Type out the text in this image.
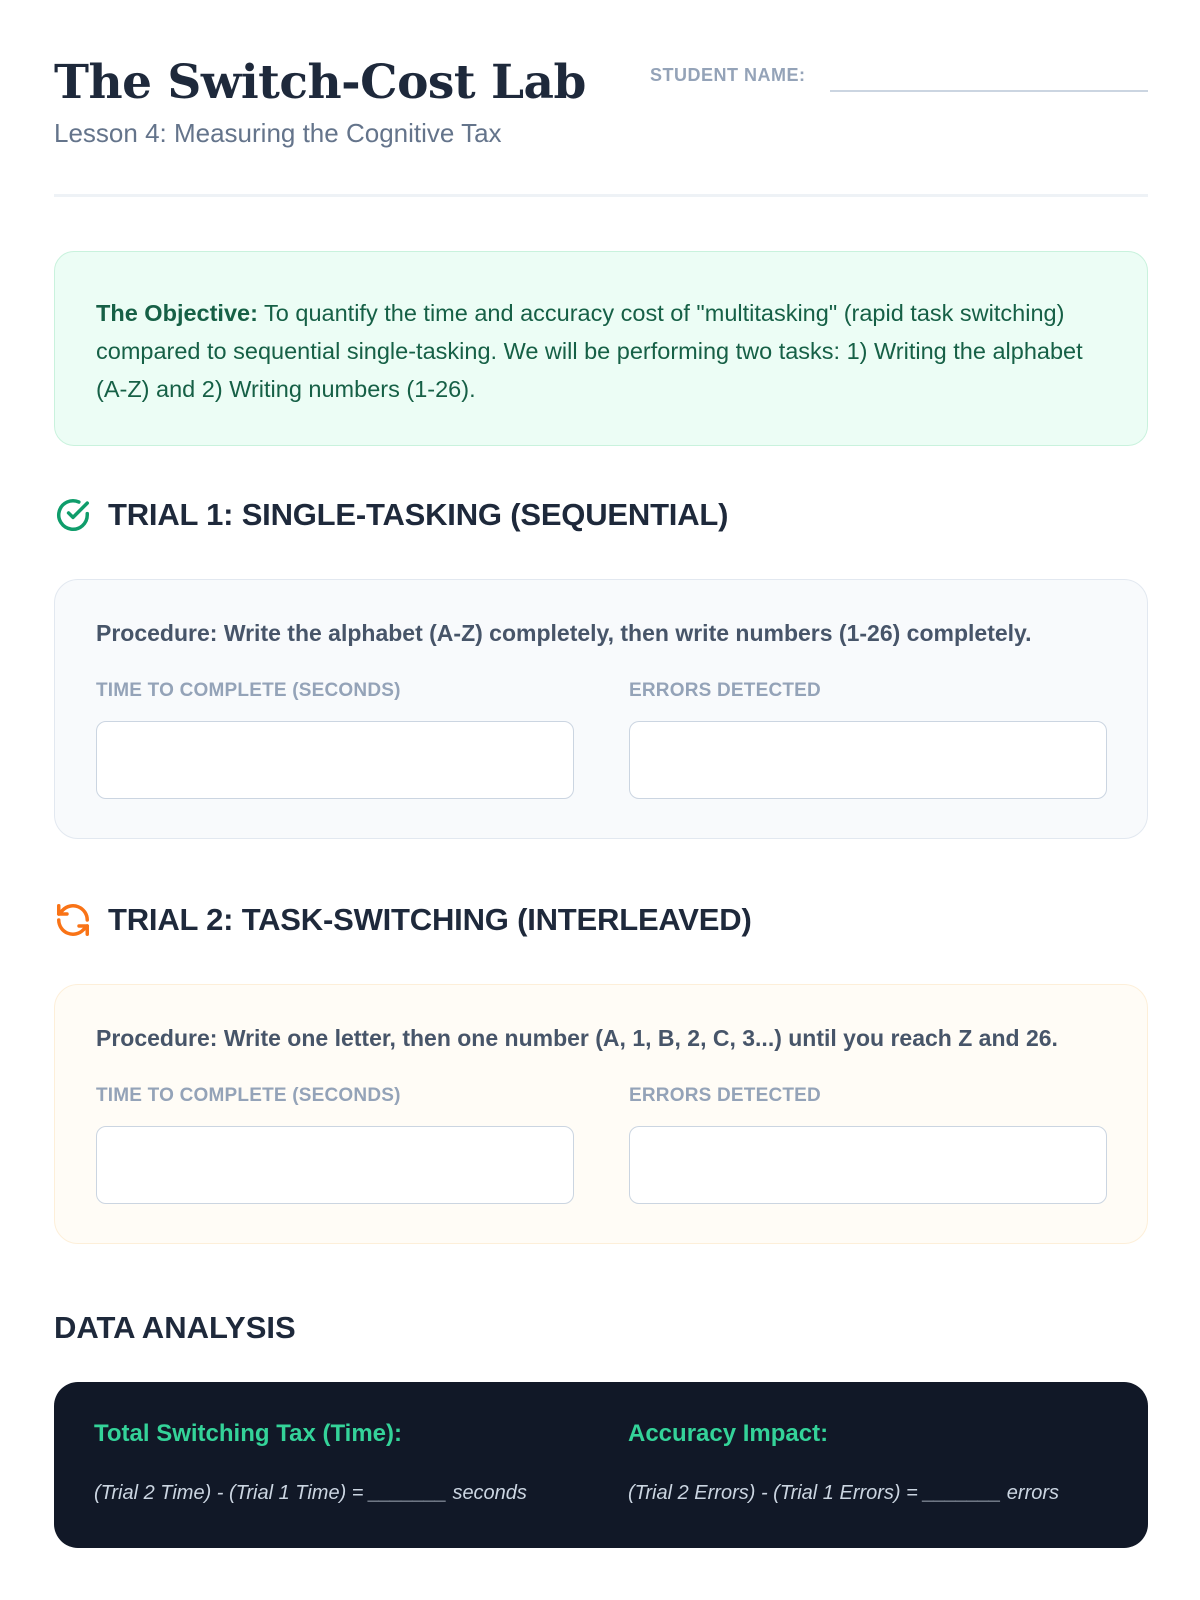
The Switch-Cost Lab
Lesson 4: Measuring the Cognitive Tax
STUDENT NAME:

The Objective: To quantify the time and accuracy cost of "multitasking" (rapid task switching) compared to sequential single-tasking. We will be performing two tasks: 1) Writing the alphabet (A-Z) and 2) Writing numbers (1-26).

TRIAL 1: SINGLE-TASKING (SEQUENTIAL)
Procedure: Write the alphabet (A-Z) completely, then write numbers (1-26) completely.
TIME TO COMPLETE (SECONDS)	ERRORS DETECTED
TRIAL 2: TASK-SWITCHING (INTERLEAVED)
Procedure: Write one letter, then one number (A, 1, B, 2, C, 3...) until you reach Z and 26.
TIME TO COMPLETE (SECONDS)	ERRORS DETECTED
DATA ANALYSIS
Total Switching Tax (Time):
(Trial 2 Time) - (Trial 1 Time) = _______ seconds
Accuracy Impact:
(Trial 2 Errors) - (Trial 1 Errors) = _______ errors
